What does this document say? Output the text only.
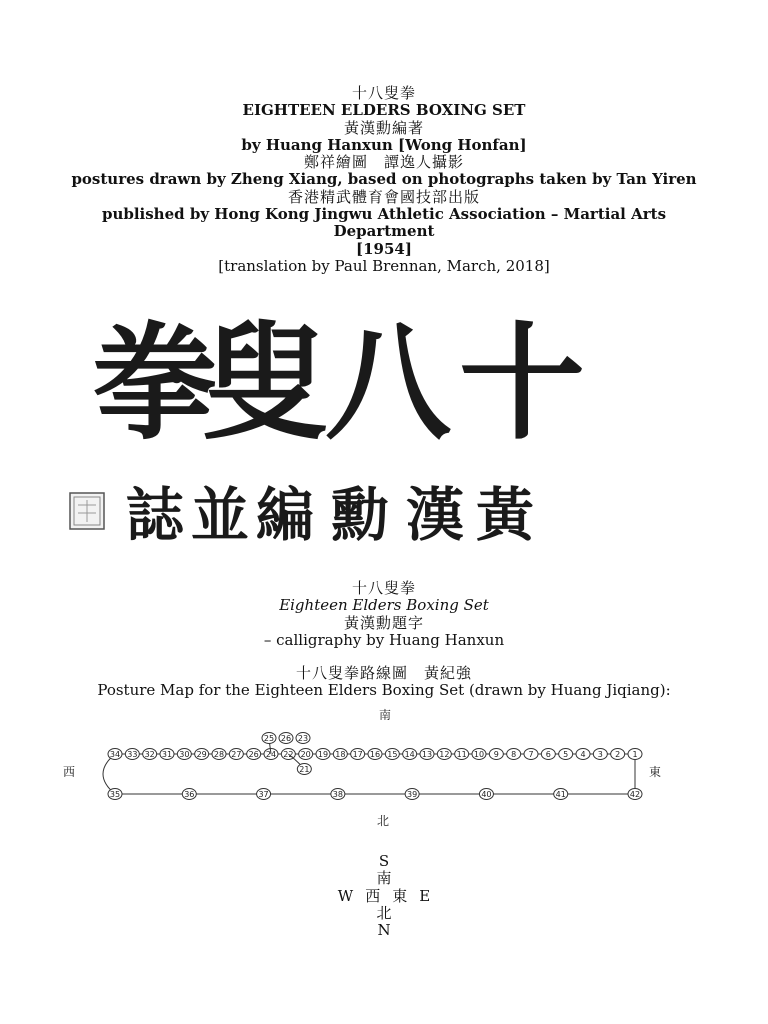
十八叟拳
EIGHTEEN ELDERS BOXING SET
黃漢勳編著
by Huang Hanxun [Wong Honfan]
鄭祥繪圖　譚逸人攝影
postures drawn by Zheng Xiang, based on photographs taken by Tan Yiren
香港精武體育會國技部出版
published by Hong Kong Jingwu Athletic Association – Martial Arts Department
[1954]
[translation by Paul Brennan, March, 2018]
十
八
叟
拳
黃
漢
勳
編
並
誌
十八叟拳
Eighteen Elders Boxing Set
黃漢勳題字
– calligraphy by Huang Hanxun
十八叟拳路線圖　黃紀強
Posture Map for the Eighteen Elders Boxing Set (drawn by Huang Jiqiang):
34 33 32 31 30 29 28 27 26 24 22 20 19 18 17 16 15 14 13 12 11 10 9 8 7 6 5 4 3 2 1
25 26 23
21
35	36	37	38	39	40	41	42
南
北
西	東
S
南
W 西 東 E
北
N
